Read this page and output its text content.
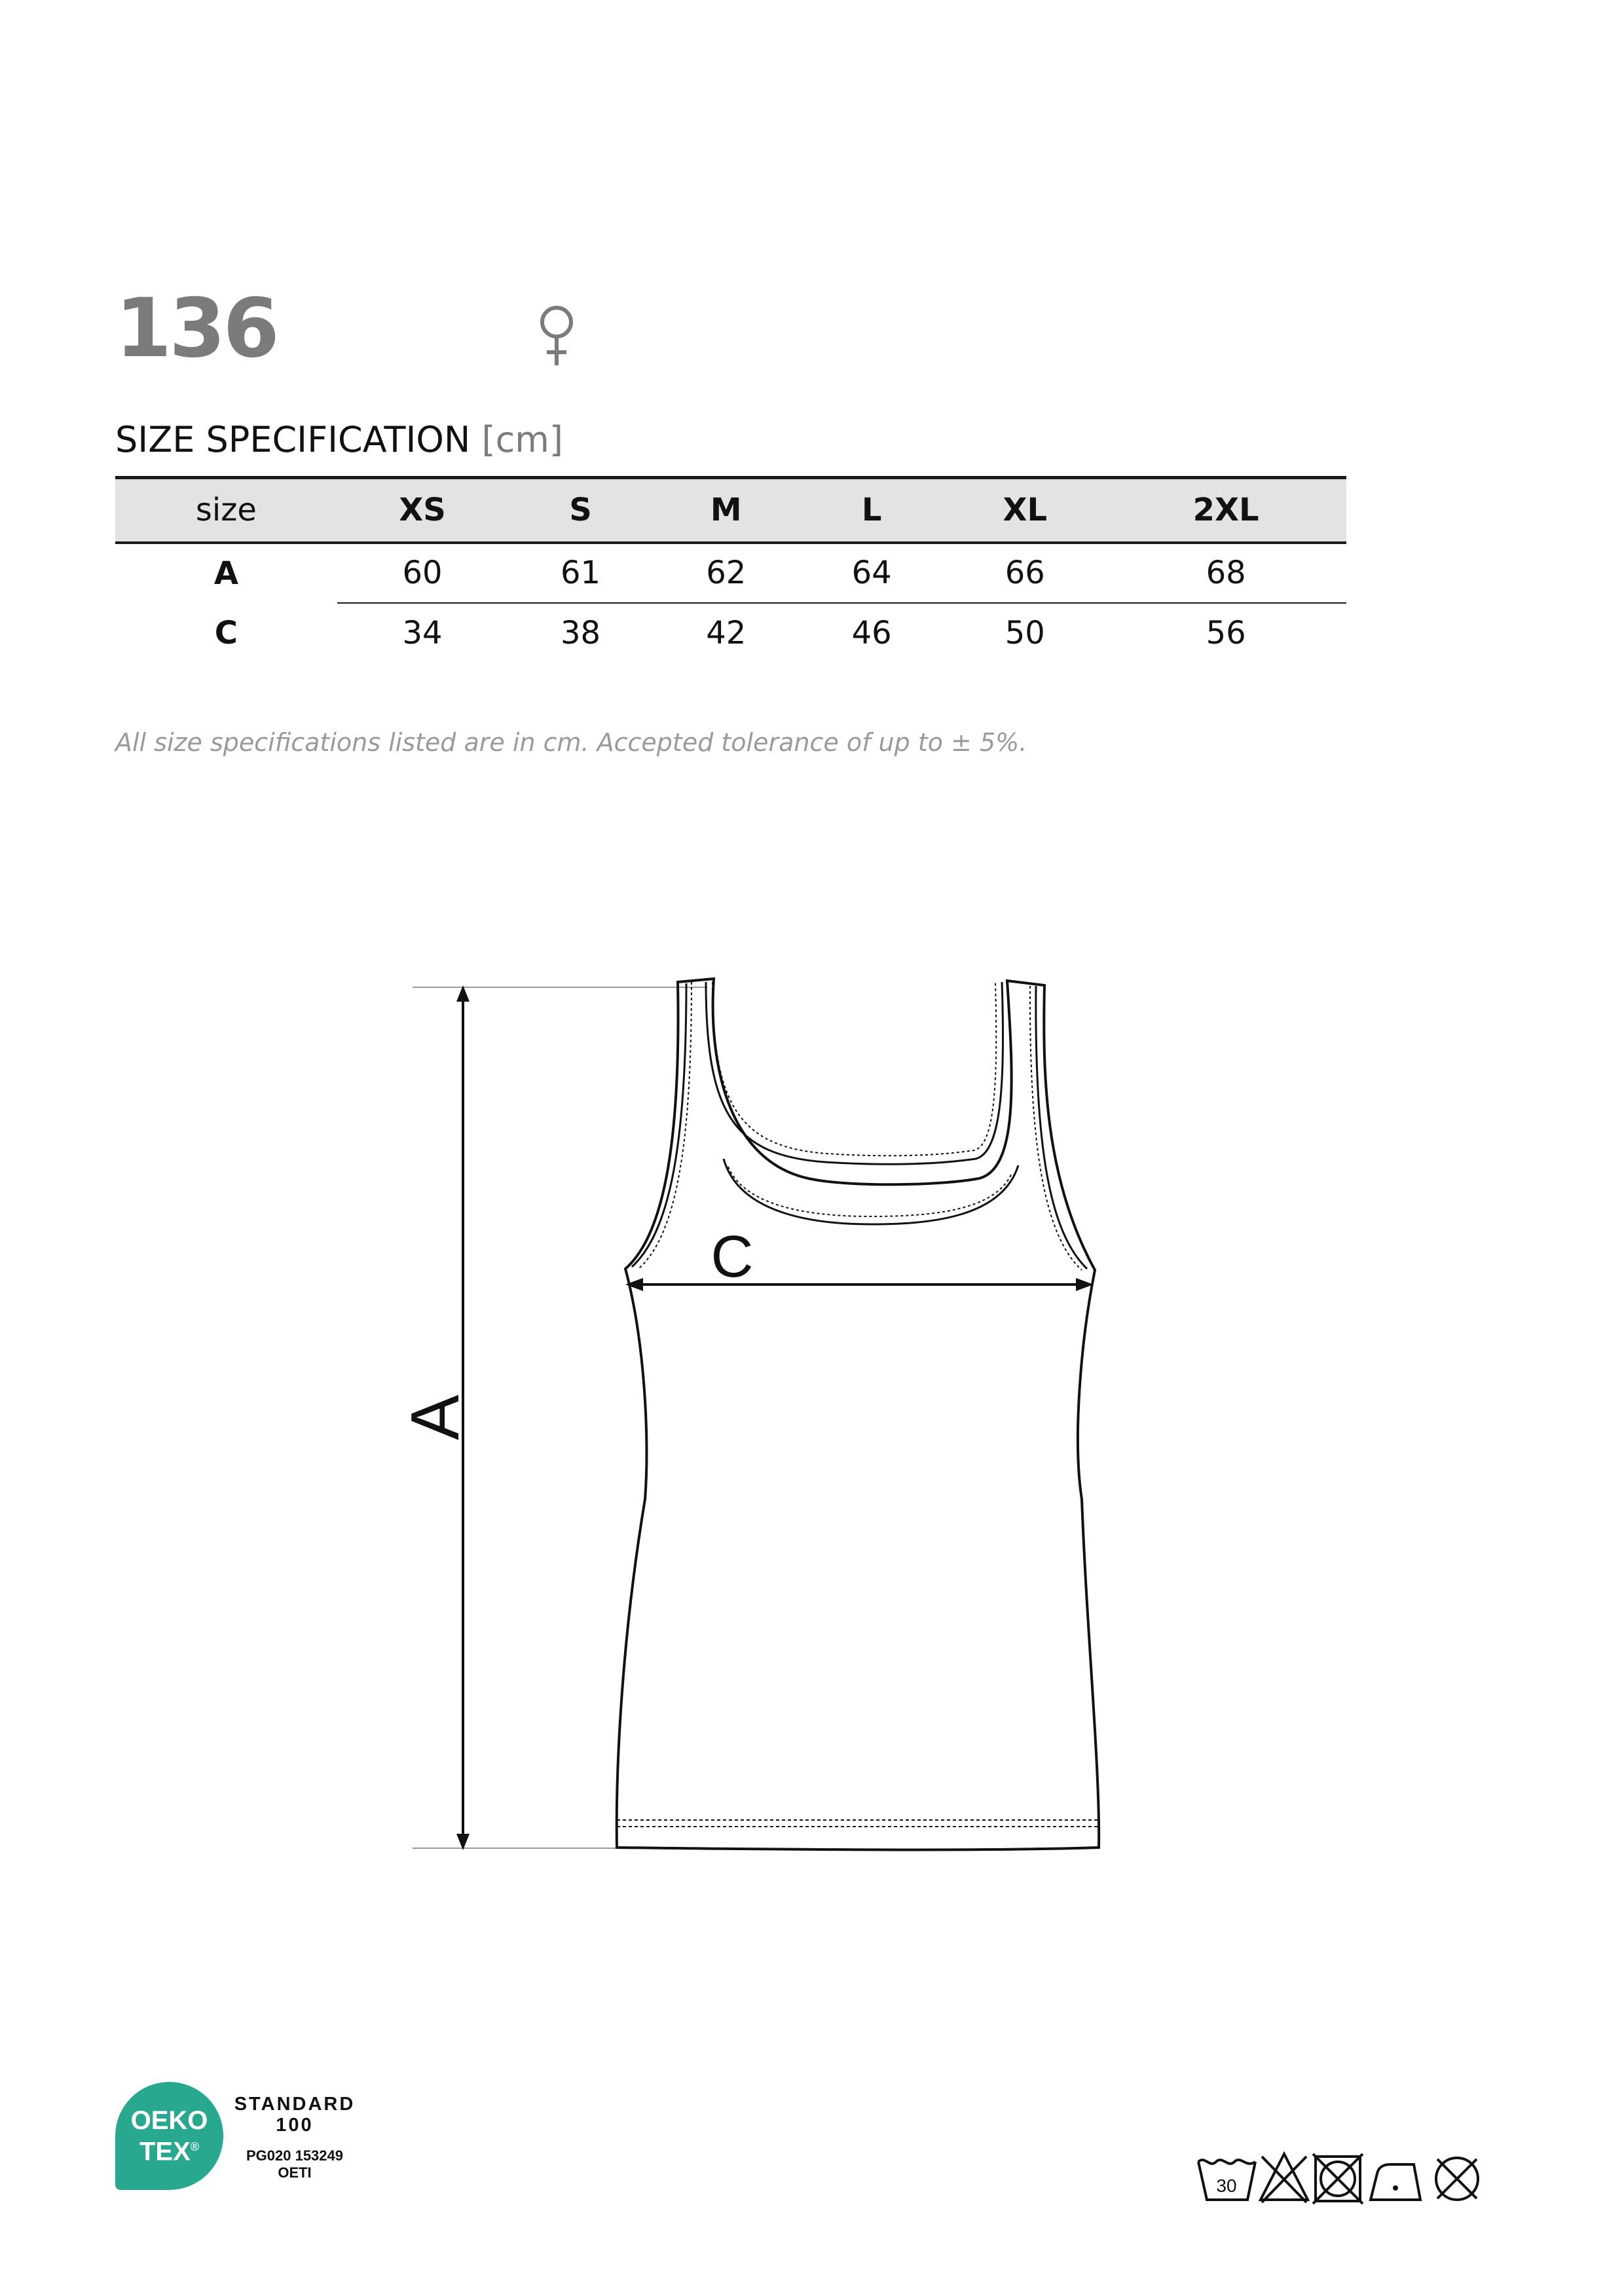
136
SIZE SPECIFICATION [cm]
size	XS	S	M	L	XL	2XL
A	60	61	62	64	66	68
C	34	38	42	46	50	56
All size specifications listed are in cm. Accepted tolerance of up to ± 5%.
A
C
OEKO
TEX®
STANDARD
100
PG020 153249
OETI
30
